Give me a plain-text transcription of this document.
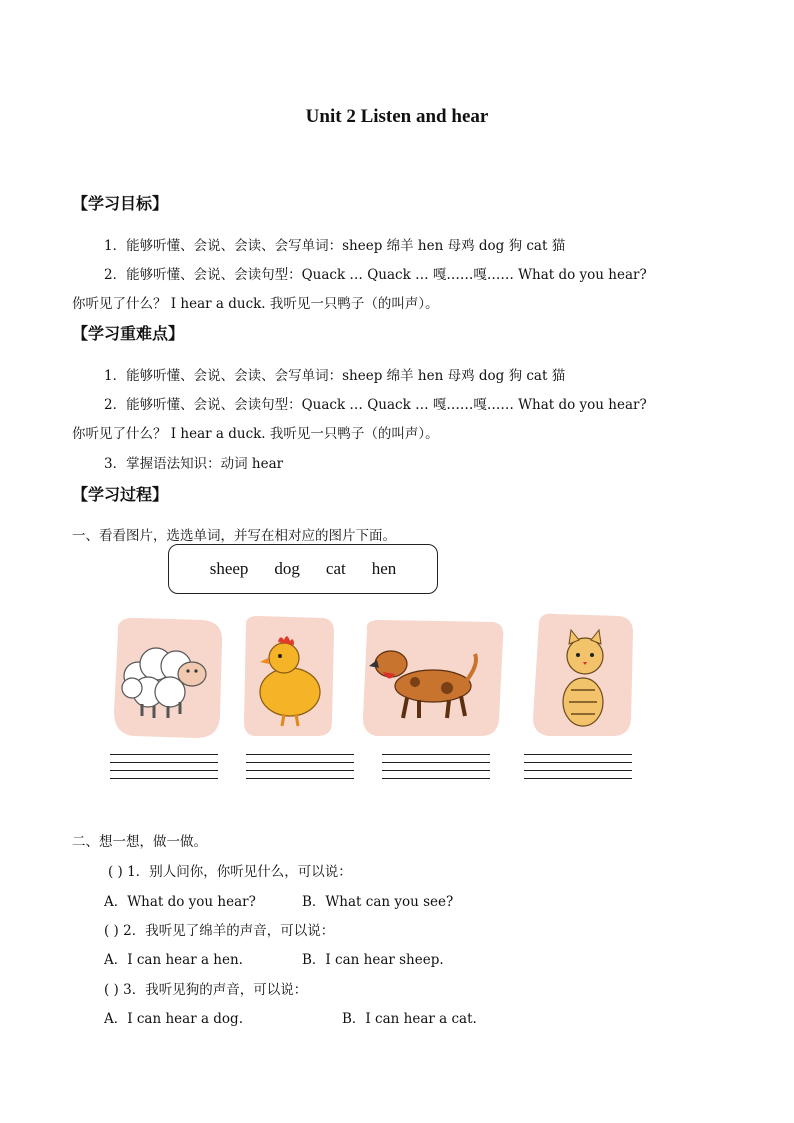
Unit 2 Listen and hear
【学习目标】
1．能够听懂、会说、会读、会写单词：sheep 绵羊 hen 母鸡 dog 狗 cat 猫
2．能够听懂、会说、会读句型：Quack … Quack … 嘎……嘎…… What do you hear?
你听见了什么？ I hear a duck. 我听见一只鸭子（的叫声）。
【学习重难点】
1．能够听懂、会说、会读、会写单词：sheep 绵羊 hen 母鸡 dog 狗 cat 猫
2．能够听懂、会说、会读句型：Quack … Quack … 嘎……嘎…… What do you hear?
你听见了什么？ I hear a duck. 我听见一只鸭子（的叫声）。
3．掌握语法知识：动词 hear
【学习过程】
一、看看图片，选选单词，并写在相对应的图片下面。
sheep dog cat hen
二、想一想，做一做。
( ) 1．别人问你，你听见什么，可以说：
A．What do you hear?	B．What can you see?
( ) 2．我听见了绵羊的声音，可以说：
A．I can hear a hen.	B．I can hear sheep.
( ) 3．我听见狗的声音，可以说：
A．I can hear a dog.	B．I can hear a cat.
